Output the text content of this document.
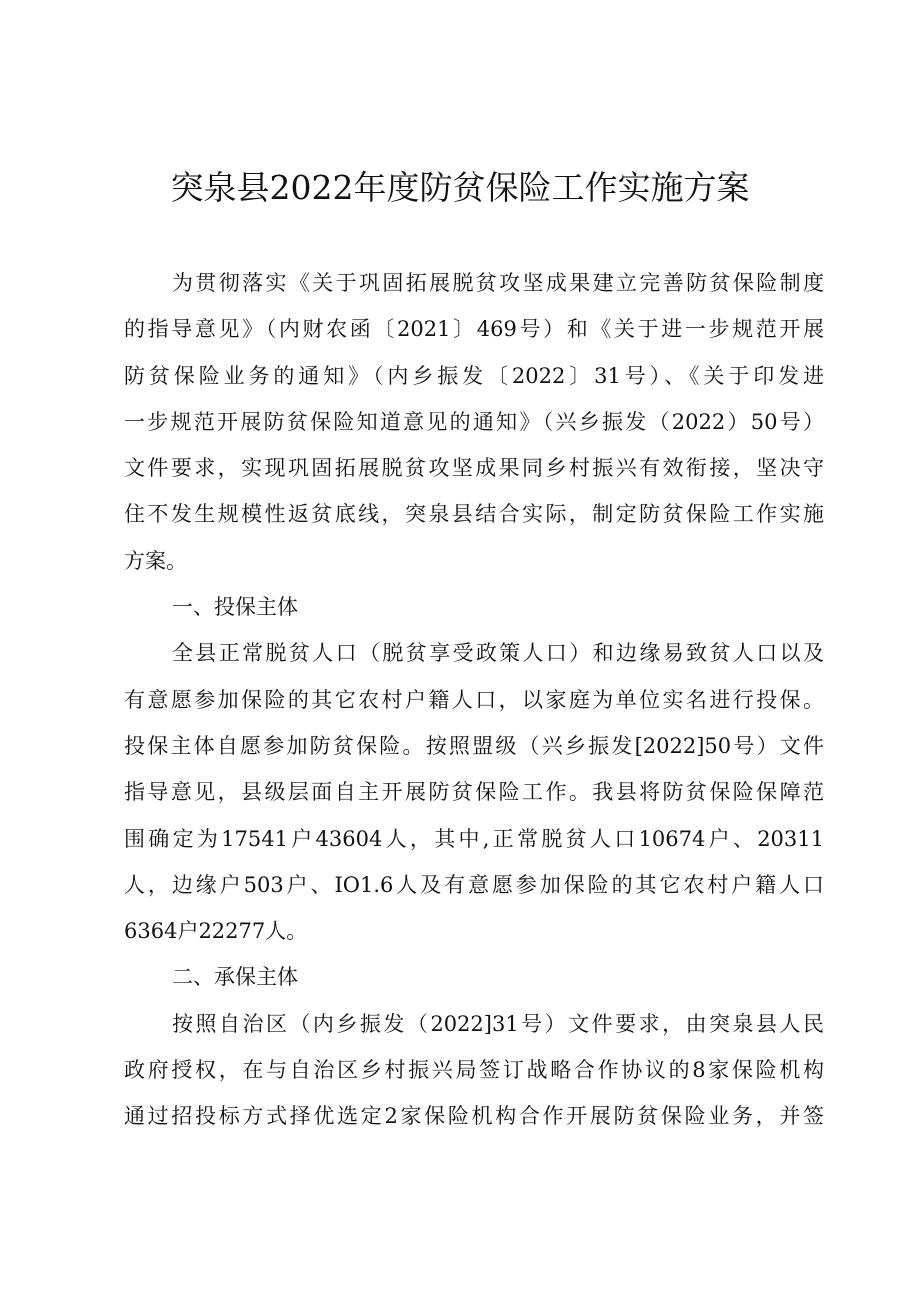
突泉县2022年度防贫保险工作实施方案
为贯彻落实《关于巩固拓展脱贫攻坚成果建立完善防贫保险制度
的指导意见》（内财农函〔2021〕469号）和《关于进一步规范开展
防贫保险业务的通知》（内乡振发〔2022〕31号）、《关于印发进
一步规范开展防贫保险知道意见的通知》（兴乡振发（2022）50号）
文件要求，实现巩固拓展脱贫攻坚成果同乡村振兴有效衔接，坚决守
住不发生规模性返贫底线，突泉县结合实际，制定防贫保险工作实施
方案。
一、投保主体
全县正常脱贫人口（脱贫享受政策人口）和边缘易致贫人口以及
有意愿参加保险的其它农村户籍人口，以家庭为单位实名进行投保。
投保主体自愿参加防贫保险。按照盟级（兴乡振发[2022]50号）文件
指导意见，县级层面自主开展防贫保险工作。我县将防贫保险保障范
围确定为17541户43604人，其中,正常脱贫人口10674户、20311
人，边缘户503户、IO1.6人及有意愿参加保险的其它农村户籍人口
6364户22277人。
二、承保主体
按照自治区（内乡振发（2022]31号）文件要求，由突泉县人民
政府授权，在与自治区乡村振兴局签订战略合作协议的8家保险机构
通过招投标方式择优选定2家保险机构合作开展防贫保险业务，并签
